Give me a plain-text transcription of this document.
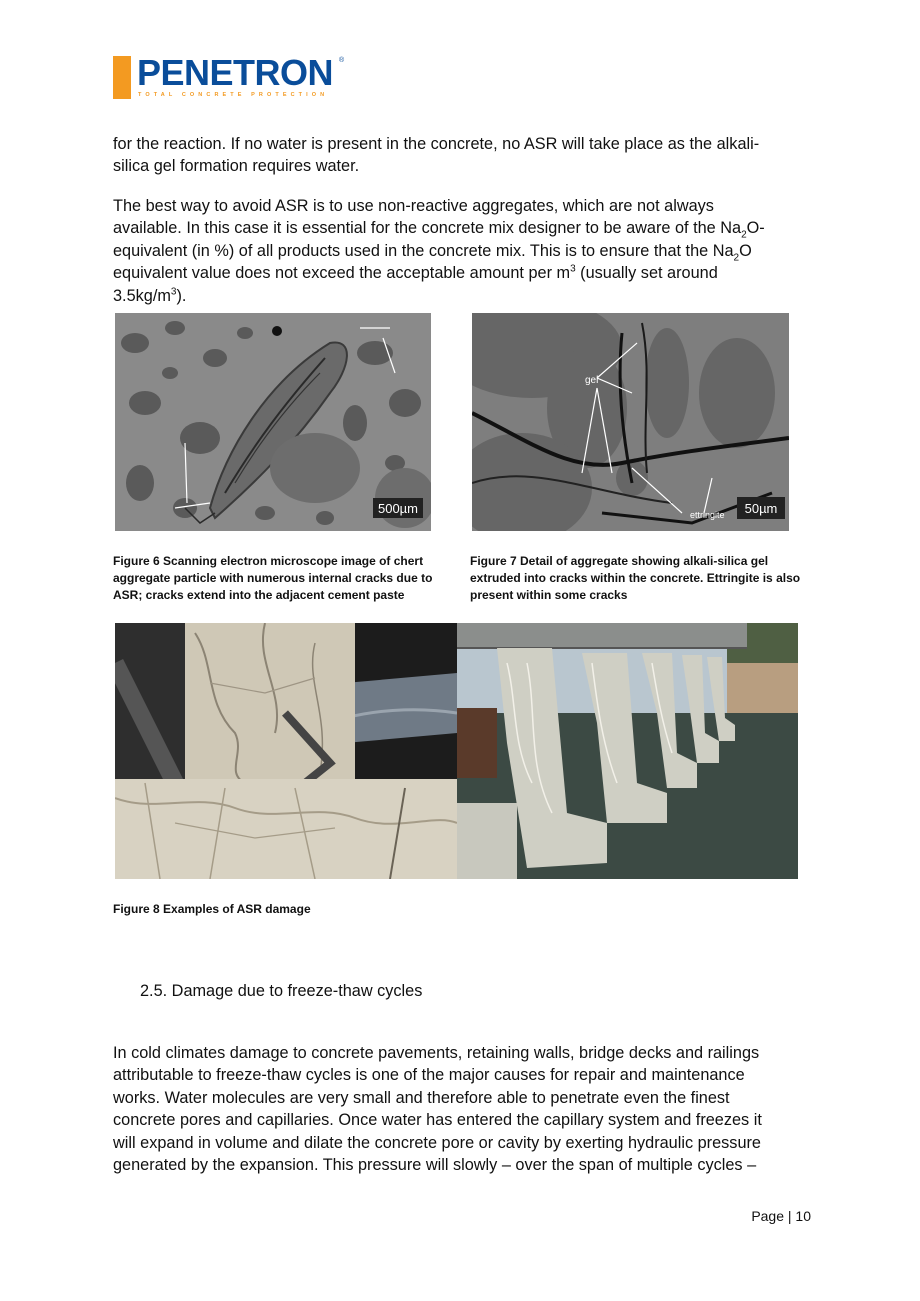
PENETRON ®
TOTAL CONCRETE PROTECTION

for the reaction. If no water is present in the concrete, no ASR will take place as the alkali-
silica gel formation requires water.

The best way to avoid ASR is to use non-reactive aggregates, which are not always
available. In this case it is essential for the concrete mix designer to be aware of the $Na_2O-$
equivalent (in %) of all products used in the concrete mix. This is to ensure that the $Na_2O$
equivalent value does not exceed the acceptable amount per $m^3$ (usually set around
$3.5kg/m^3$).

500µm
gel
ettringite 50µm

Figure 6 Scanning electron microscope image of chert
aggregate particle with numerous internal cracks due to
ASR; cracks extend into the adjacent cement paste

Figure 7 Detail of aggregate showing alkali-silica gel
extruded into cracks within the concrete. Ettringite is also
present within some cracks

Figure 8 Examples of ASR damage

2.5. Damage due to freeze-thaw cycles

In cold climates damage to concrete pavements, retaining walls, bridge decks and railings
attributable to freeze-thaw cycles is one of the major causes for repair and maintenance
works. Water molecules are very small and therefore able to penetrate even the finest
concrete pores and capillaries. Once water has entered the capillary system and freezes it
will expand in volume and dilate the concrete pore or cavity by exerting hydraulic pressure
generated by the expansion. This pressure will slowly – over the span of multiple cycles –

Page | 10
